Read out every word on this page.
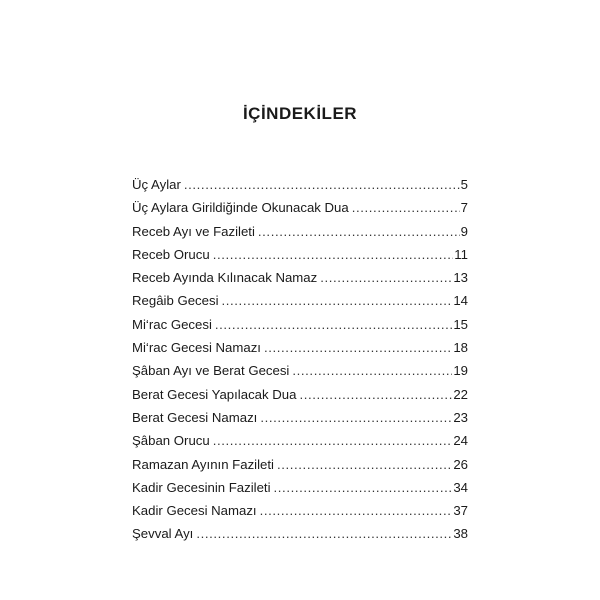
İÇİNDEKİLER
Üç Aylar .....	5
Üç Aylara Girildiğinde Okunacak Dua .....	7
Receb Ayı ve Fazileti .....	9
Receb Orucu .....	11
Receb Ayında Kılınacak Namaz .....	13
Regâib Gecesi .....	14
Mi‘rac Gecesi .....	15
Mi‘rac Gecesi Namazı .....	18
Şâban Ayı ve Berat Gecesi .....	19
Berat Gecesi Yapılacak Dua .....	22
Berat Gecesi Namazı .....	23
Şâban Orucu .....	24
Ramazan Ayının Fazileti .....	26
Kadir Gecesinin Fazileti .....	34
Kadir Gecesi Namazı .....	37
Şevval Ayı .....	38
